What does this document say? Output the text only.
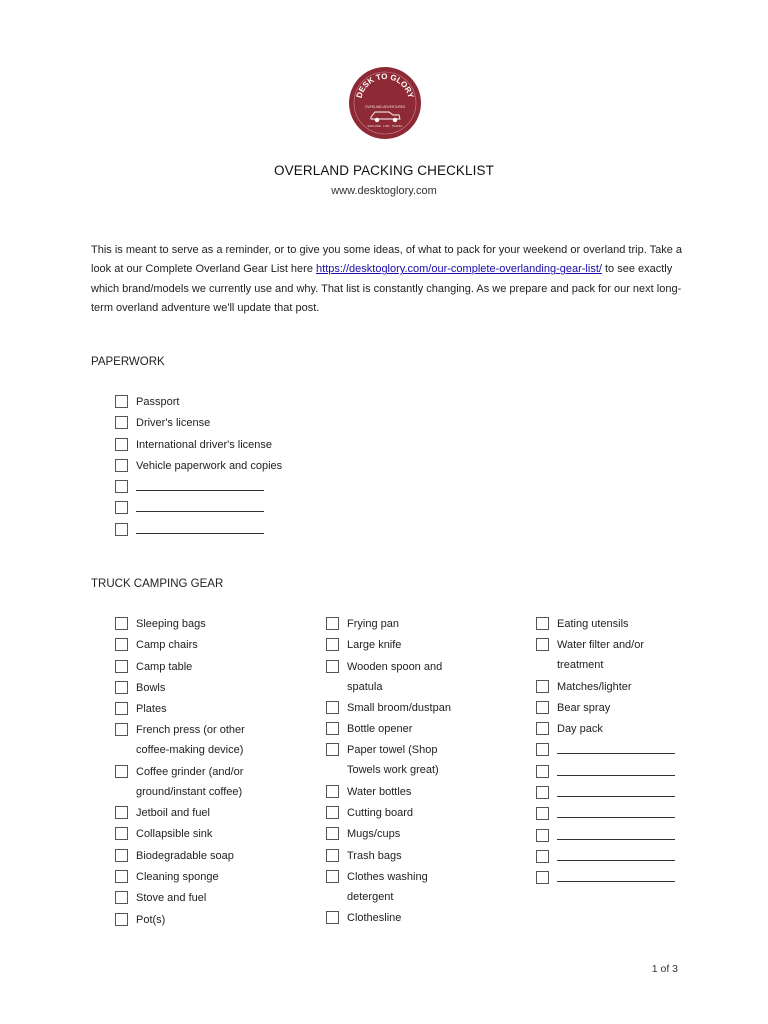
DESK TO GLORY
OVERLAND ADVENTURES
EXPLORE · LIVE · TRAVEL
OVERLAND PACKING CHECKLIST
www.desktoglory.com
This is meant to serve as a reminder, or to give you some ideas, of what to pack for your weekend or overland trip. Take a look at our Complete Overland Gear List here https://desktoglory.com/our-complete-overlanding-gear-list/ to see exactly which brand/models we currently use and why. That list is constantly changing. As we prepare and pack for our next long-term overland adventure we'll update that post.
PAPERWORK
Passport
Driver's license
International driver's license
Vehicle paperwork and copies
TRUCK CAMPING GEAR
Sleeping bags
Camp chairs
Camp table
Bowls
Plates
French press (or other coffee-making device)
Coffee grinder (and/or ground/instant coffee)
Jetboil and fuel
Collapsible sink
Biodegradable soap
Cleaning sponge
Stove and fuel
Pot(s)
Frying pan
Large knife
Wooden spoon and spatula
Small broom/dustpan
Bottle opener
Paper towel (Shop Towels work great)
Water bottles
Cutting board
Mugs/cups
Trash bags
Clothes washing detergent
Clothesline
Eating utensils
Water filter and/or treatment
Matches/lighter
Bear spray
Day pack
1 of 3
